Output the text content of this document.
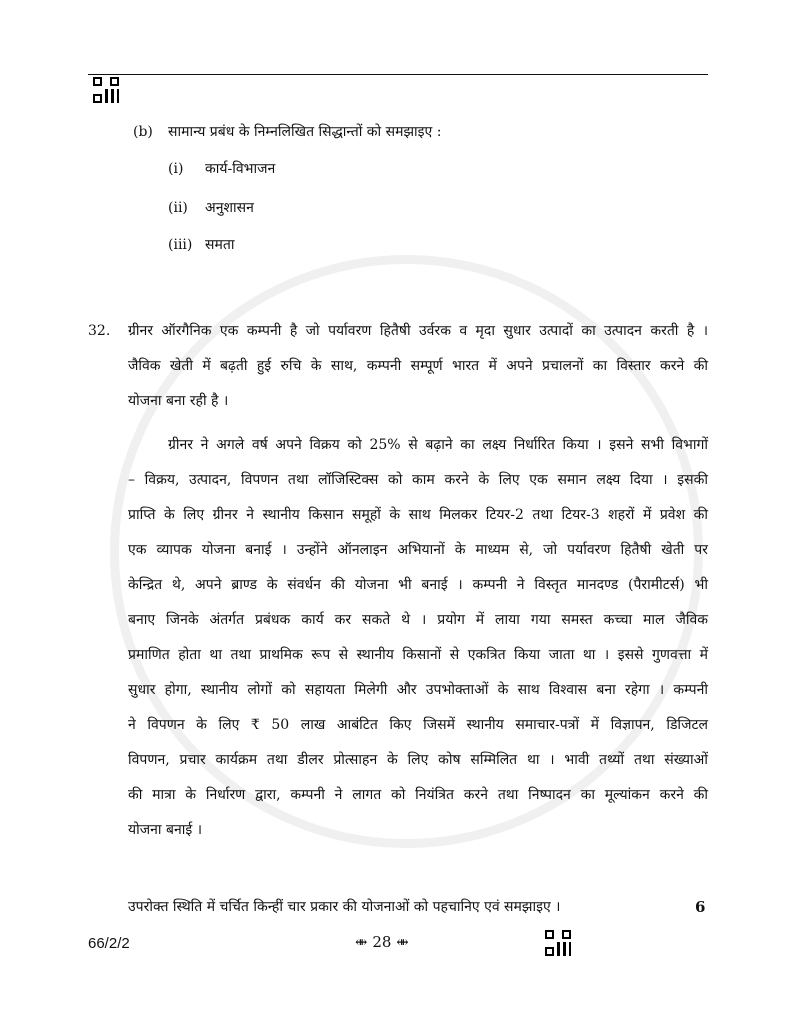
(b) सामान्य प्रबंध के निम्नलिखित सिद्धान्तों को समझाइए :
(i) कार्य-विभाजन
(ii) अनुशासन
(iii) समता
32. ग्रीनर ऑरगैनिक एक कम्पनी है जो पर्यावरण हितैषी उर्वरक व मृदा सुधार उत्पादों का उत्पादन करती है ।
जैविक खेती में बढ़ती हुई रुचि के साथ, कम्पनी सम्पूर्ण भारत में अपने प्रचालनों का विस्तार करने की
योजना बना रही है ।
ग्रीनर ने अगले वर्ष अपने विक्रय को 25% से बढ़ाने का लक्ष्य निर्धारित किया । इसने सभी विभागों
– विक्रय, उत्पादन, विपणन तथा लॉजिस्टिक्स को काम करने के लिए एक समान लक्ष्य दिया । इसकी
प्राप्ति के लिए ग्रीनर ने स्थानीय किसान समूहों के साथ मिलकर टियर-2 तथा टियर-3 शहरों में प्रवेश की
एक व्यापक योजना बनाई । उन्होंने ऑनलाइन अभियानों के माध्यम से, जो पर्यावरण हितैषी खेती पर
केन्द्रित थे, अपने ब्राण्ड के संवर्धन की योजना भी बनाई । कम्पनी ने विस्तृत मानदण्ड (पैरामीटर्स) भी
बनाए जिनके अंतर्गत प्रबंधक कार्य कर सकते थे । प्रयोग में लाया गया समस्त कच्चा माल जैविक
प्रमाणित होता था तथा प्राथमिक रूप से स्थानीय किसानों से एकत्रित किया जाता था । इससे गुणवत्ता में
सुधार होगा, स्थानीय लोगों को सहायता मिलेगी और उपभोक्ताओं के साथ विश्वास बना रहेगा । कम्पनी
ने विपणन के लिए ₹ 50 लाख आबंटित किए जिसमें स्थानीय समाचार-पत्रों में विज्ञापन, डिजिटल
विपणन, प्रचार कार्यक्रम तथा डीलर प्रोत्साहन के लिए कोष सम्मिलित था । भावी तथ्यों तथा संख्याओं
की मात्रा के निर्धारण द्वारा, कम्पनी ने लागत को नियंत्रित करने तथा निष्पादन का मूल्यांकन करने की
योजना बनाई ।
उपरोक्त स्थिति में चर्चित किन्हीं चार प्रकार की योजनाओं को पहचानिए एवं समझाइए ।	6
66/2/2	⇼ 28 ⇼
